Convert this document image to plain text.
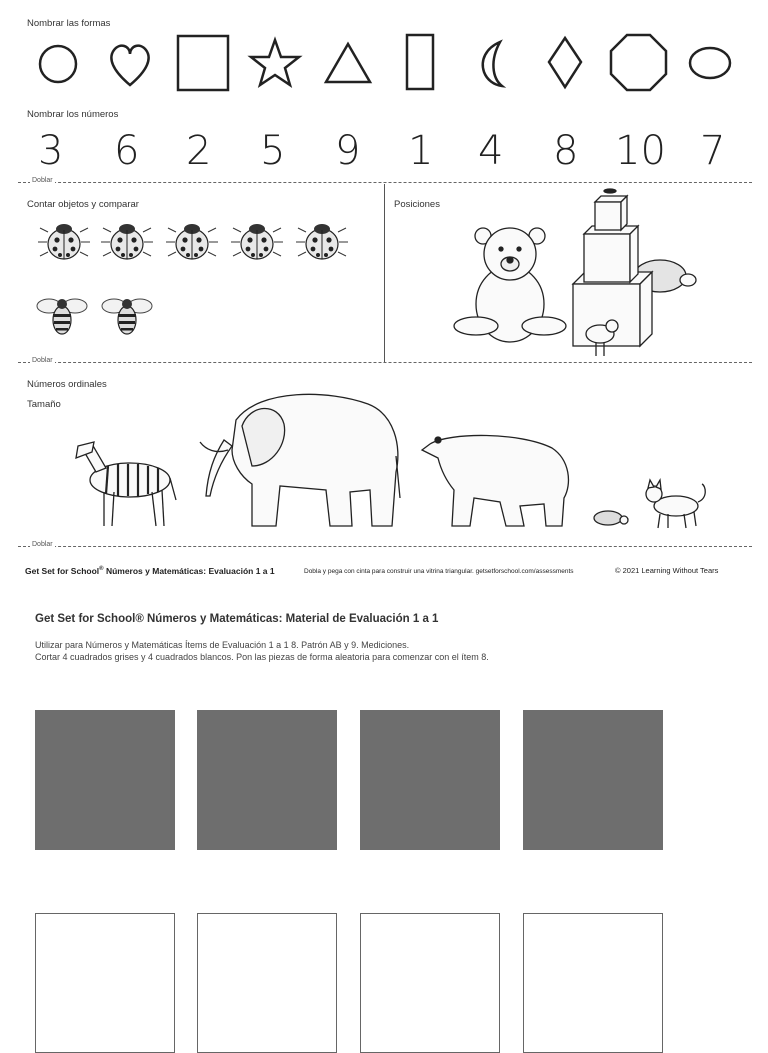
Nombrar las formas
Nombrar los números
3 6 2 5 9 1 4 8 10 7
Doblar
Contar objetos y comparar	Posiciones
Doblar
Números ordinales
Tamaño
Doblar
Get Set for School® Números y Matemáticas: Evaluación 1 a 1	Dobla y pega con cinta para construir una vitrina triangular. getsetforschool.com/assessments	© 2021 Learning Without Tears
Get Set for School® Números y Matemáticas: Material de Evaluación 1 a 1
Utilizar para Números y Matemáticas Ítems de Evaluación 1 a 1 8. Patrón AB y 9. Mediciones.
Cortar 4 cuadrados grises y 4 cuadrados blancos. Pon las piezas de forma aleatoria para comenzar con el ítem 8.
